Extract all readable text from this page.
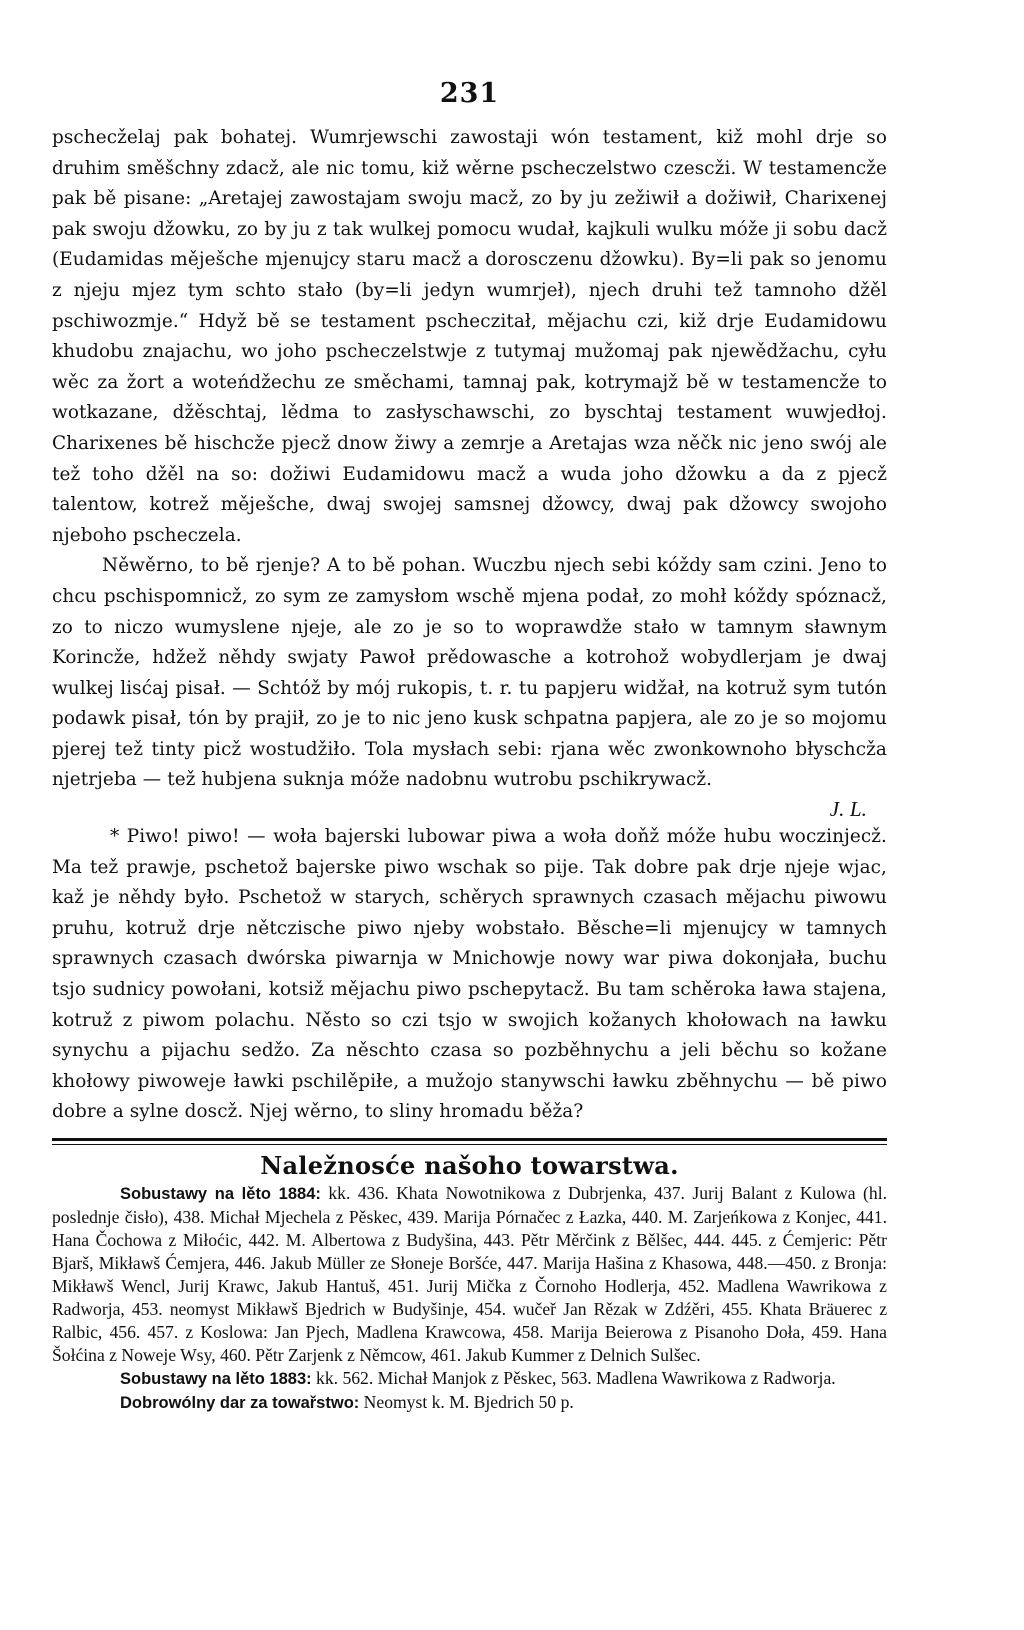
231

pschecželaj pak bohatej. Wumrjewschi zawostaji wón testament, kiž mohl drje so druhim směšchny zdacž, ale nic tomu, kiž wěrne pscheczelstwo czescži. W testamencže pak bě pisane: „Aretajej zawostajam swoju macž, zo by ju zežiwił a dožiwił, Charixenej pak swoju džowku, zo by ju z tak wulkej pomocu wudał, kajkuli wulku móže ji sobu dacž (Eudamidas měješche mjenujcy staru macž a dorosczenu džowku). By=li pak so jenomu z njeju mjez tym schto stało (by=li jedyn wumrjeł), njech druhi tež tamnoho džěl pschiwozmje.“ Hdyž bě se testament pscheczitał, mějachu czi, kiž drje Eudamidowu khudobu znajachu, wo joho pscheczelstwje z tutymaj mužomaj pak njewědžachu, cyłu wěc za žort a woteńdžechu ze směchami, tamnaj pak, kotrymajž bě w testamencže to wotkazane, džěschtaj, lědma to zasłyschawschi, zo byschtaj testament wuwjedłoj. Charixenes bě hischcže pjecž dnow žiwy a zemrje a Aretajas wza něčk nic jeno swój ale tež toho džěl na so: dožiwi Eudamidowu macž a wuda joho džowku a da z pjecž talentow, kotrež měješche, dwaj swojej samsnej džowcy, dwaj pak džowcy swojoho njeboho pscheczela.

Něwěrno, to bě rjenje? A to bě pohan. Wuczbu njech sebi kóždy sam czini. Jeno to chcu pschispomnicž, zo sym ze zamysłom wschě mjena podał, zo mohł kóždy spóznacž, zo to niczo wumyslene njeje, ale zo je so to woprawdže stało w tamnym sławnym Korincže, hdžež něhdy swjaty Pawoł prědowasche a kotrohož wobydlerjam je dwaj wulkej lisćaj pisał. — Schtóž by mój rukopis, t. r. tu papjeru widžał, na kotruž sym tutón podawk pisał, tón by prajił, zo je to nic jeno kusk schpatna papjera, ale zo je so mojomu pjerej tež tinty picž wostudžiło. Tola mysłach sebi: rjana wěc zwonkownoho błyschcža njetrjeba — tež hubjena suknja móže nadobnu wutrobu pschikrywacž.

J. L.

* Piwo! piwo! — woła bajerski lubowar piwa a woła doňž móže hubu woczinjecž. Ma tež prawje, pschetož bajerske piwo wschak so pije. Tak dobre pak drje njeje wjac, kaž je něhdy było. Pschetož w starych, schěrych sprawnych czasach mějachu piwowu pruhu, kotruž drje nětczische piwo njeby wobstało. Běsche=li mjenujcy w tamnych sprawnych czasach dwórska piwarnja w Mnichowje nowy war piwa dokonjała, buchu tsjo sudnicy powołani, kotsiž mějachu piwo pschepytacž. Bu tam schěroka ława stajena, kotruž z piwom polachu. Něsto so czi tsjo w swojich kožanych khołowach na ławku synychu a pijachu sedžo. Za něschto czasa so pozběhnychu a jeli běchu so kožane khołowy piwoweje ławki pschilěpiłe, a mužojo stanywschi ławku zběhnychu — bě piwo dobre a sylne doscž. Njej wěrno, to sliny hromadu běža?

Naležnosće našoho towarstwa.

Sobustawy na lěto 1884: kk. 436. Khata Nowotnikowa z Dubrjenka, 437. Jurij Balant z Kulowa (hl. poslednje čisło), 438. Michał Mjechela z Pěskec, 439. Marija Pórnačec z Łazka, 440. M. Zarjeńkowa z Konjec, 441. Hana Čochowa z Miłoćic, 442. M. Albertowa z Budyšina, 443. Pětr Měrčink z Bělšec, 444. 445. z Ćemjeric: Pětr Bjarš, Mikławš Ćemjera, 446. Jakub Müller ze Słoneje Boršće, 447. Marija Hašina z Khasowa, 448.—450. z Bronja: Mikławš Wencl, Jurij Krawc, Jakub Hantuš, 451. Jurij Mička z Čornoho Hodlerja, 452. Madlena Wawrikowa z Radworja, 453. neomyst Mikławš Bjedrich w Budyšinje, 454. wučeř Jan Rězak w Zdźěri, 455. Khata Bräuerec z Ralbic, 456. 457. z Koslowa: Jan Pjech, Madlena Krawcowa, 458. Marija Beierowa z Pisanoho Doła, 459. Hana Šołćina z Noweje Wsy, 460. Pětr Zarjenk z Němcow, 461. Jakub Kummer z Delnich Sulšec.

Sobustawy na lěto 1883: kk. 562. Michał Manjok z Pěskec, 563. Madlena Wawrikowa z Radworja.

Dobrowólny dar za towařstwo: Neomyst k. M. Bjedrich 50 p.
